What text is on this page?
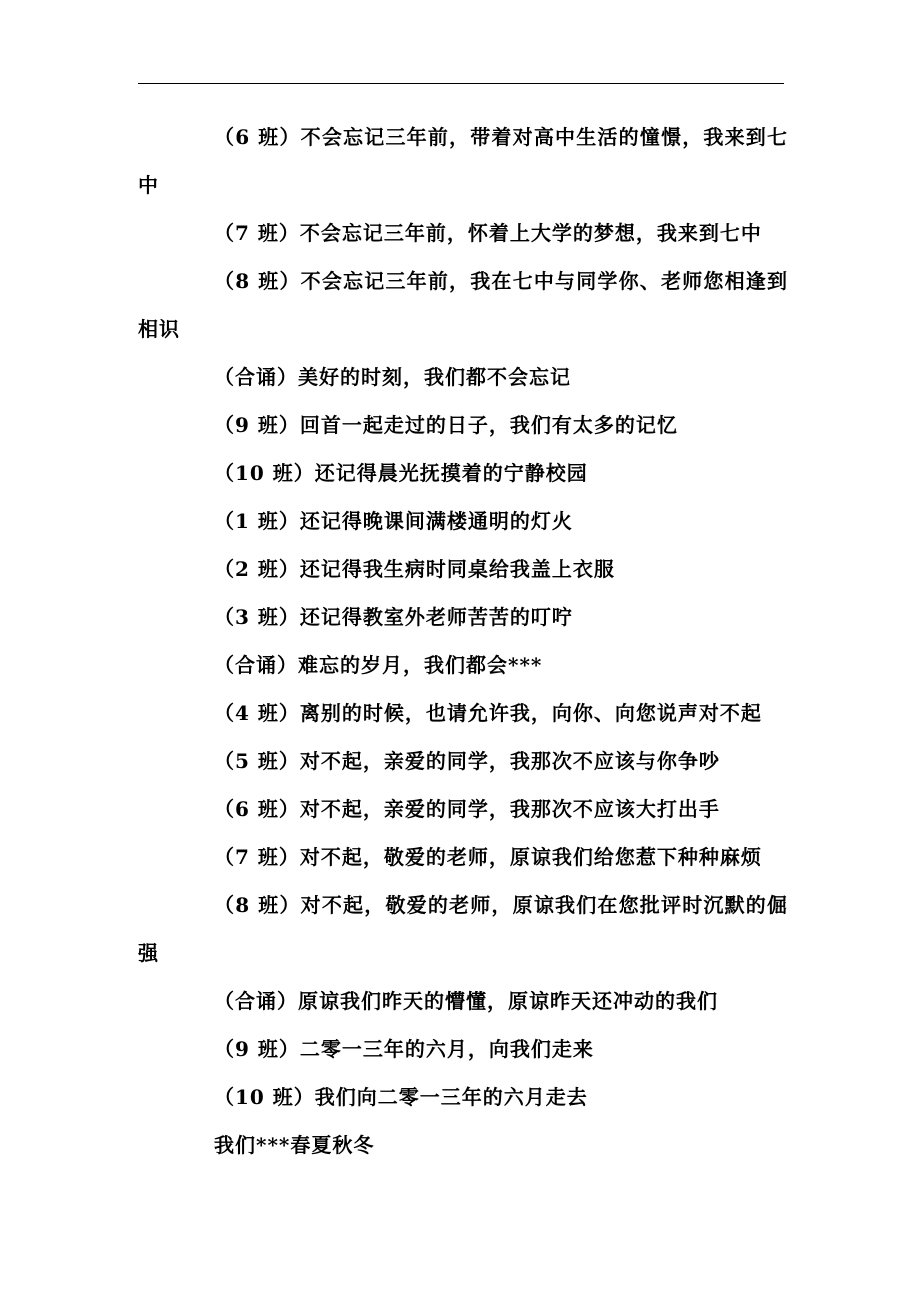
（6 班）不会忘记三年前，带着对高中生活的憧憬，我来到七中

（7 班）不会忘记三年前，怀着上大学的梦想，我来到七中

（8 班）不会忘记三年前，我在七中与同学你、老师您相逢到相识

（合诵）美好的时刻，我们都不会忘记

（9 班）回首一起走过的日子，我们有太多的记忆

（10 班）还记得晨光抚摸着的宁静校园

（1 班）还记得晚课间满楼通明的灯火

（2 班）还记得我生病时同桌给我盖上衣服

（3 班）还记得教室外老师苦苦的叮咛

（合诵）难忘的岁月，我们都会***

（4 班）离别的时候，也请允许我，向你、向您说声对不起

（5 班）对不起，亲爱的同学，我那次不应该与你争吵

（6 班）对不起，亲爱的同学，我那次不应该大打出手

（7 班）对不起，敬爱的老师，原谅我们给您惹下种种麻烦

（8 班）对不起，敬爱的老师，原谅我们在您批评时沉默的倔强

（合诵）原谅我们昨天的懵懂，原谅昨天还冲动的我们

（9 班）二零一三年的六月，向我们走来

（10 班）我们向二零一三年的六月走去

我们***春夏秋冬
